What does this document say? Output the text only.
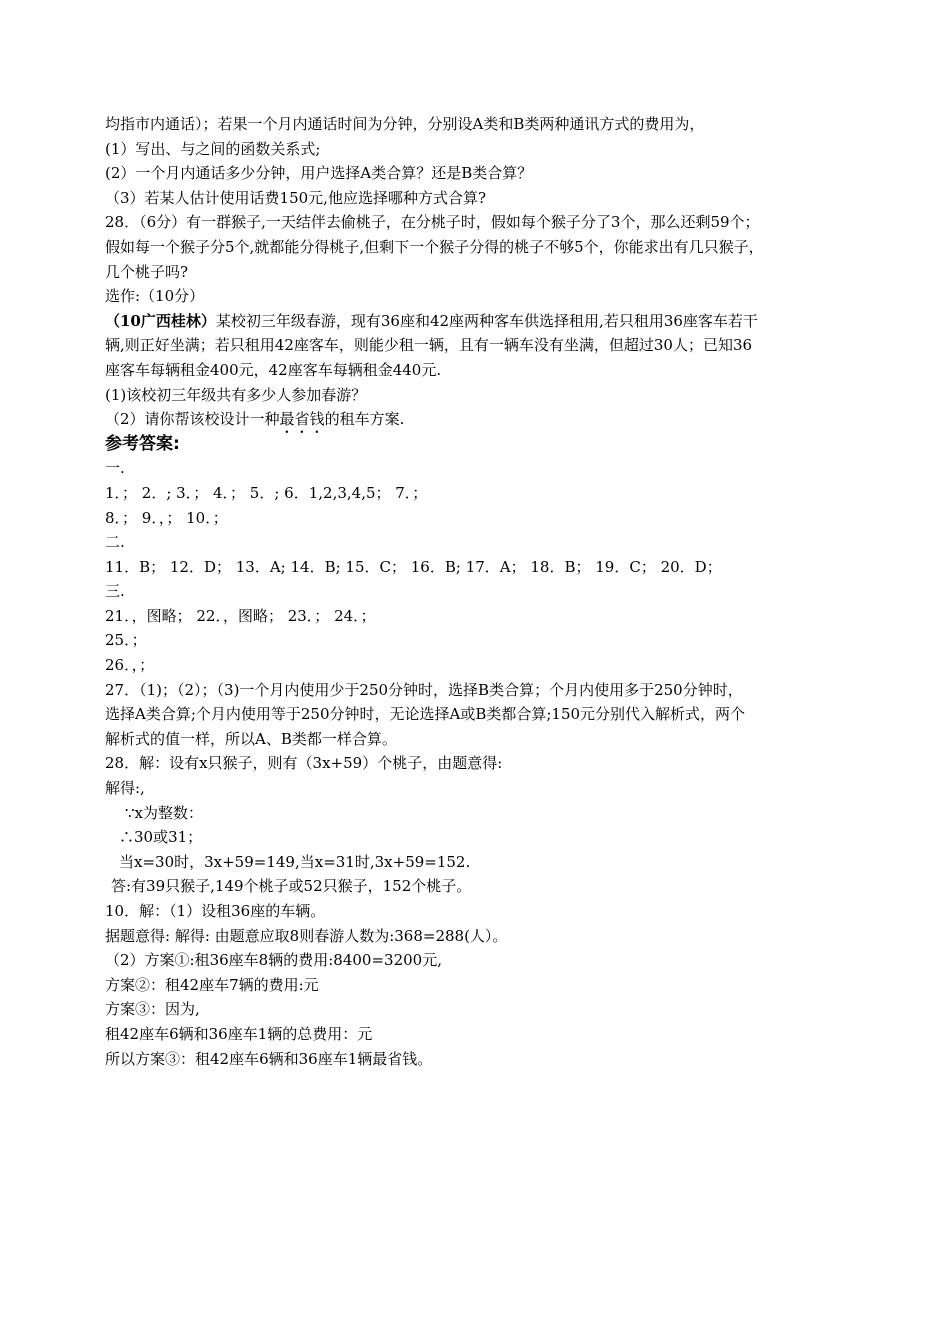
均指市内通话）；若果一个月内通话时间为分钟，分别设A类和B类两种通讯方式的费用为，
(1）写出、与之间的函数关系式;
(2）一个月内通话多少分钟，用户选择A类合算？还是B类合算？
（3）若某人估计使用话费150元,他应选择哪种方式合算?
28．（6分）有一群猴子,一天结伴去偷桃子，在分桃子时，假如每个猴子分了3个，那么还剩59个；
假如每一个猴子分5个,就都能分得桃子,但剩下一个猴子分得的桃子不够5个，你能求出有几只猴子，
几个桃子吗?
选作:（10分）
（10广西桂林）某校初三年级春游，现有36座和42座两种客车供选择租用,若只租用36座客车若干
辆,则正好坐满；若只租用42座客车，则能少租一辆，且有一辆车没有坐满，但超过30人；已知36
座客车每辆租金400元，42座客车每辆租金440元.
(1)该校初三年级共有多少人参加春游？
（2）请你帮该校设计一种最省钱的租车方案.
参考答案:
一.
1．； 2．; 3．； 4．； 5．; 6．1,2,3,4,5； 7．；
8．； 9．，； 10．；
二.
11．B； 12．D； 13．A; 14．B; 15．C； 16．B; 17．A； 18．B； 19．C； 20．D；
三.
21．，图略； 22．，图略； 23．； 24．；
25．；
26．，；
27．（1)；（2）；（3)一个月内使用少于250分钟时，选择B类合算；个月内使用多于250分钟时，
选择A类合算;个月内使用等于250分钟时，无论选择A或B类都合算;150元分别代入解析式，两个
解析式的值一样，所以A、B类都一样合算。
28．解：设有x只猴子，则有（3x+59）个桃子，由题意得:
解得:,
∵x为整数：
∴30或31；
当x=30时，3x+59=149,当x=31时,3x+59=152.
答:有39只猴子,149个桃子或52只猴子，152个桃子。
10．解：（1）设租36座的车辆。
据题意得: 解得: 由题意应取8则春游人数为:368=288(人）。
（2）方案①:租36座车8辆的费用:8400=3200元,
方案②：租42座车7辆的费用:元
方案③：因为,
租42座车6辆和36座车1辆的总费用：元
所以方案③：租42座车6辆和36座车1辆最省钱。
